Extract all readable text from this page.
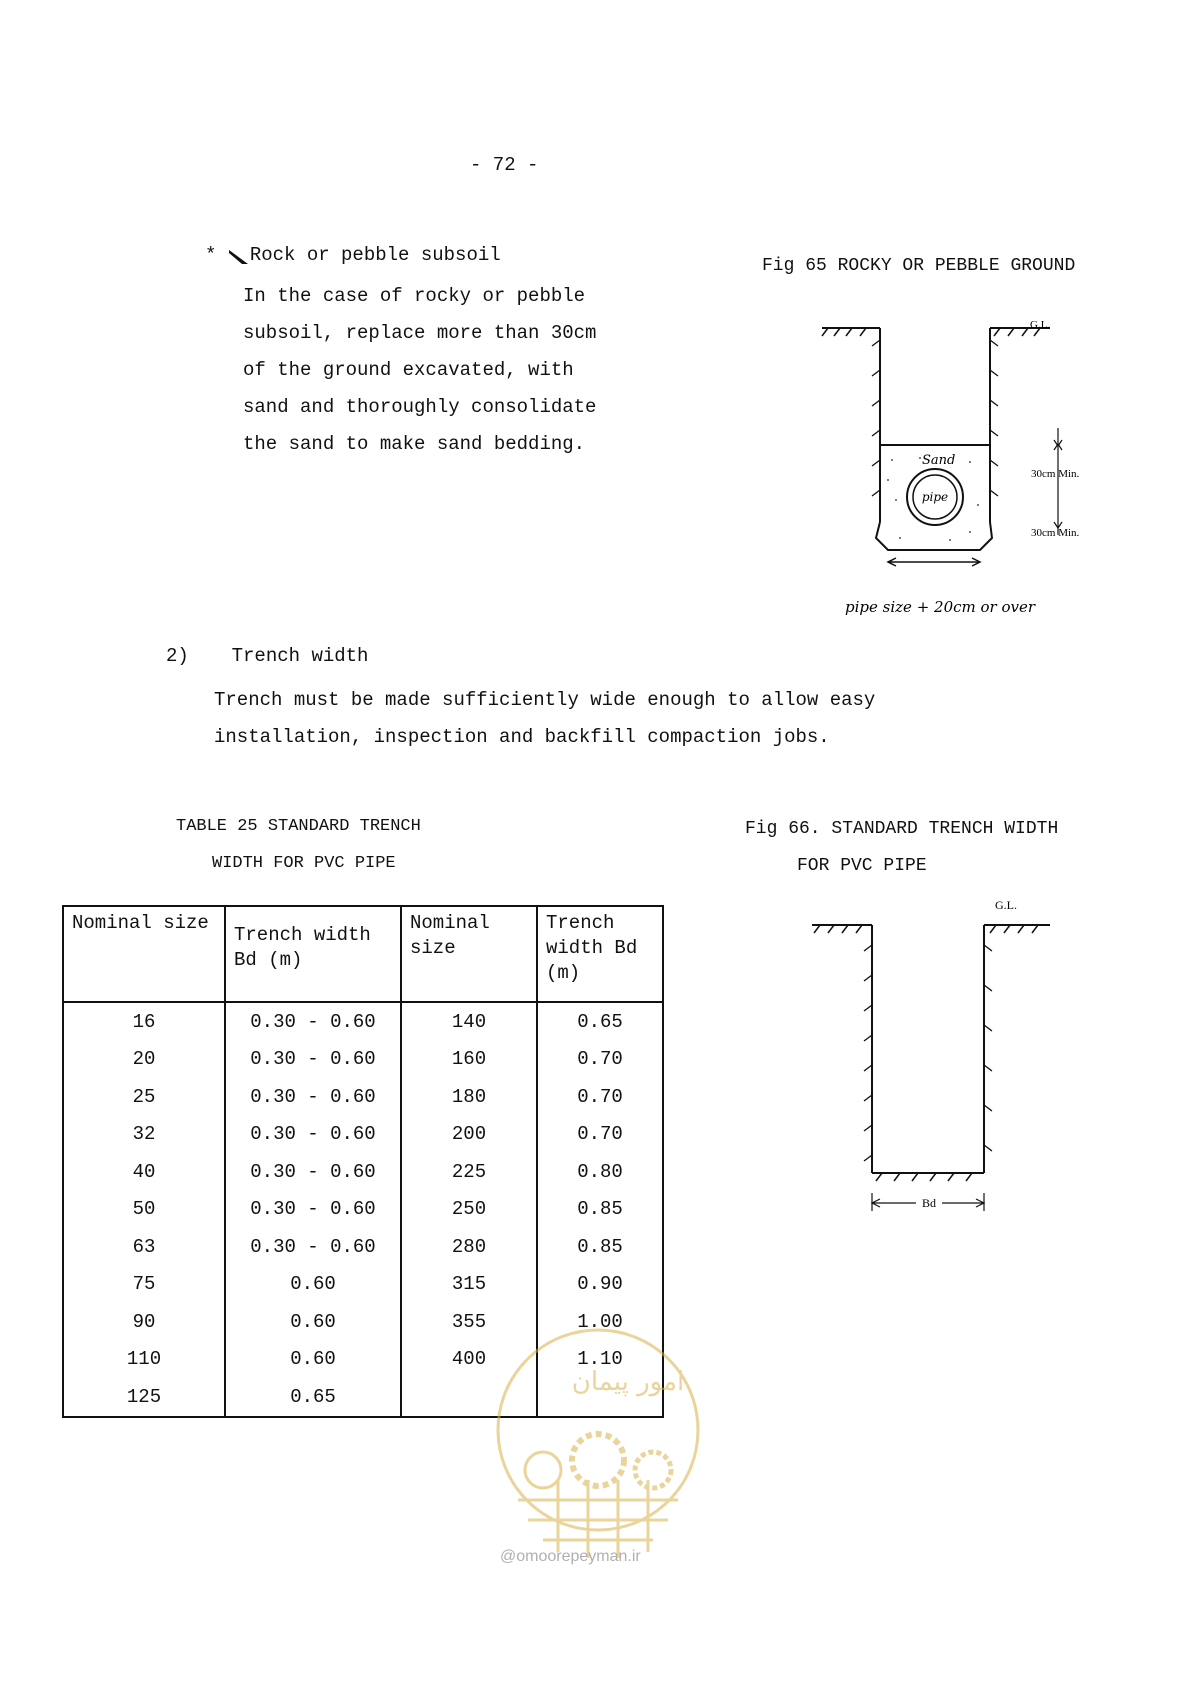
- 72 -
* Rock or pebble subsoil
In the case of rocky or pebble
subsoil, replace more than 30cm
of the ground excavated, with
sand and thoroughly consolidate
the sand to make sand bedding.
Fig 65 ROCKY OR PEBBLE GROUND
Sand
pipe
G.L.
30cm Min.
30cm Min.
pipe size + 20cm or over
2) Trench width
Trench must be made sufficiently wide enough to allow easy
installation, inspection and backfill compaction jobs.
TABLE 25 STANDARD TRENCH
WIDTH FOR PVC PIPE
Nominal size	Trench width Bd (m)	Nominal size	Trench width Bd (m)
16	0.30 - 0.60	140	0.65
20	0.30 - 0.60	160	0.70
25	0.30 - 0.60	180	0.70
32	0.30 - 0.60	200	0.70
40	0.30 - 0.60	225	0.80
50	0.30 - 0.60	250	0.85
63	0.30 - 0.60	280	0.85
75	0.60	315	0.90
90	0.60	355	1.00
110	0.60	400	1.10
125	0.65		
Fig 66. STANDARD TRENCH WIDTH
FOR PVC PIPE
G.L.
Bd
امور پیمان
@omoorepeyman.ir
